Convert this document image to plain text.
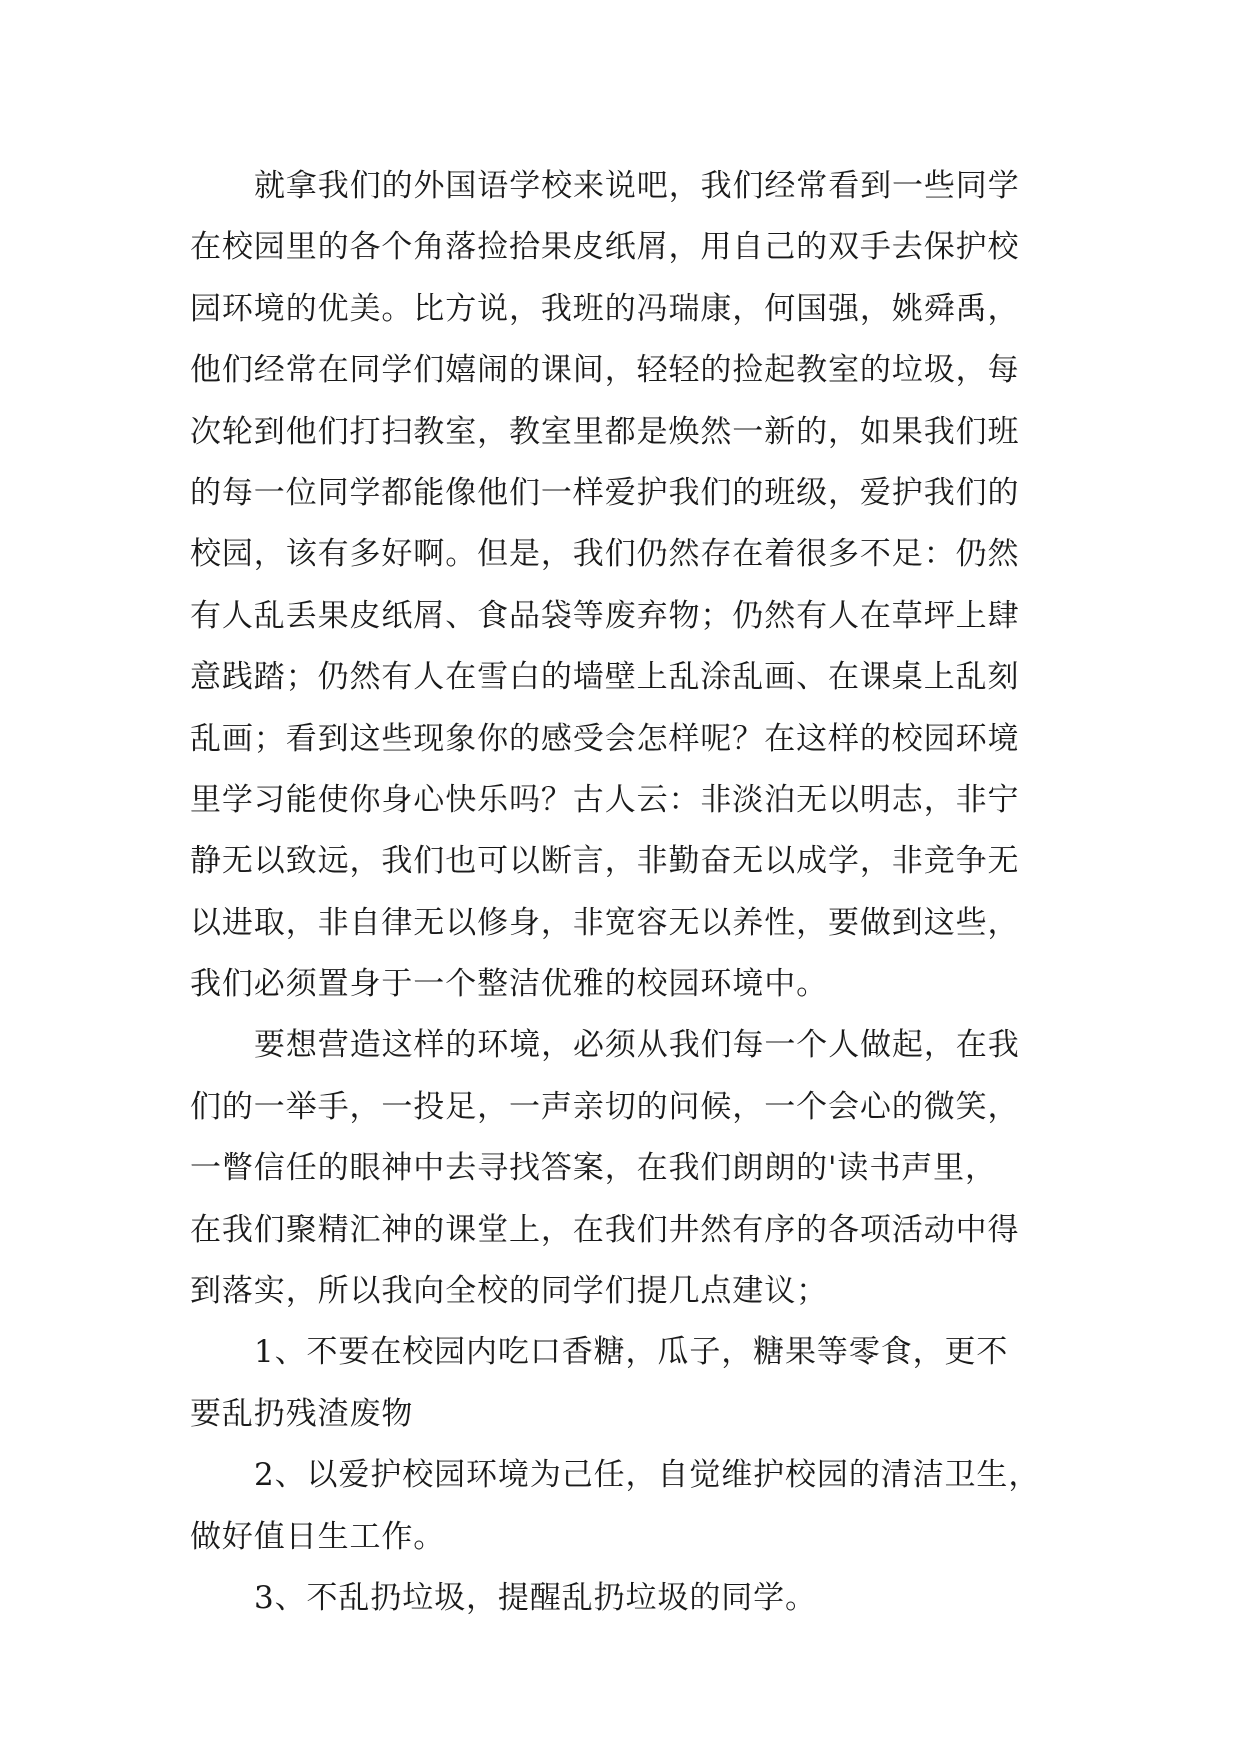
就拿我们的外国语学校来说吧，我们经常看到一些同学
在校园里的各个角落捡拾果皮纸屑，用自己的双手去保护校
园环境的优美。比方说，我班的冯瑞康，何国强，姚舜禹，
他们经常在同学们嬉闹的课间，轻轻的捡起教室的垃圾，每
次轮到他们打扫教室，教室里都是焕然一新的，如果我们班
的每一位同学都能像他们一样爱护我们的班级，爱护我们的
校园，该有多好啊。但是，我们仍然存在着很多不足：仍然
有人乱丢果皮纸屑、食品袋等废弃物；仍然有人在草坪上肆
意践踏；仍然有人在雪白的墙壁上乱涂乱画、在课桌上乱刻
乱画；看到这些现象你的感受会怎样呢？在这样的校园环境
里学习能使你身心快乐吗？古人云：非淡泊无以明志，非宁
静无以致远，我们也可以断言，非勤奋无以成学，非竞争无
以进取，非自律无以修身，非宽容无以养性，要做到这些，
我们必须置身于一个整洁优雅的校园环境中。
要想营造这样的环境，必须从我们每一个人做起，在我
们的一举手，一投足，一声亲切的问候，一个会心的微笑，
一瞥信任的眼神中去寻找答案，在我们朗朗的'读书声里，
在我们聚精汇神的课堂上，在我们井然有序的各项活动中得
到落实，所以我向全校的同学们提几点建议；
1、不要在校园内吃口香糖，瓜子，糖果等零食，更不
要乱扔残渣废物
2、以爱护校园环境为己任，自觉维护校园的清洁卫生，
做好值日生工作。
3、不乱扔垃圾，提醒乱扔垃圾的同学。
